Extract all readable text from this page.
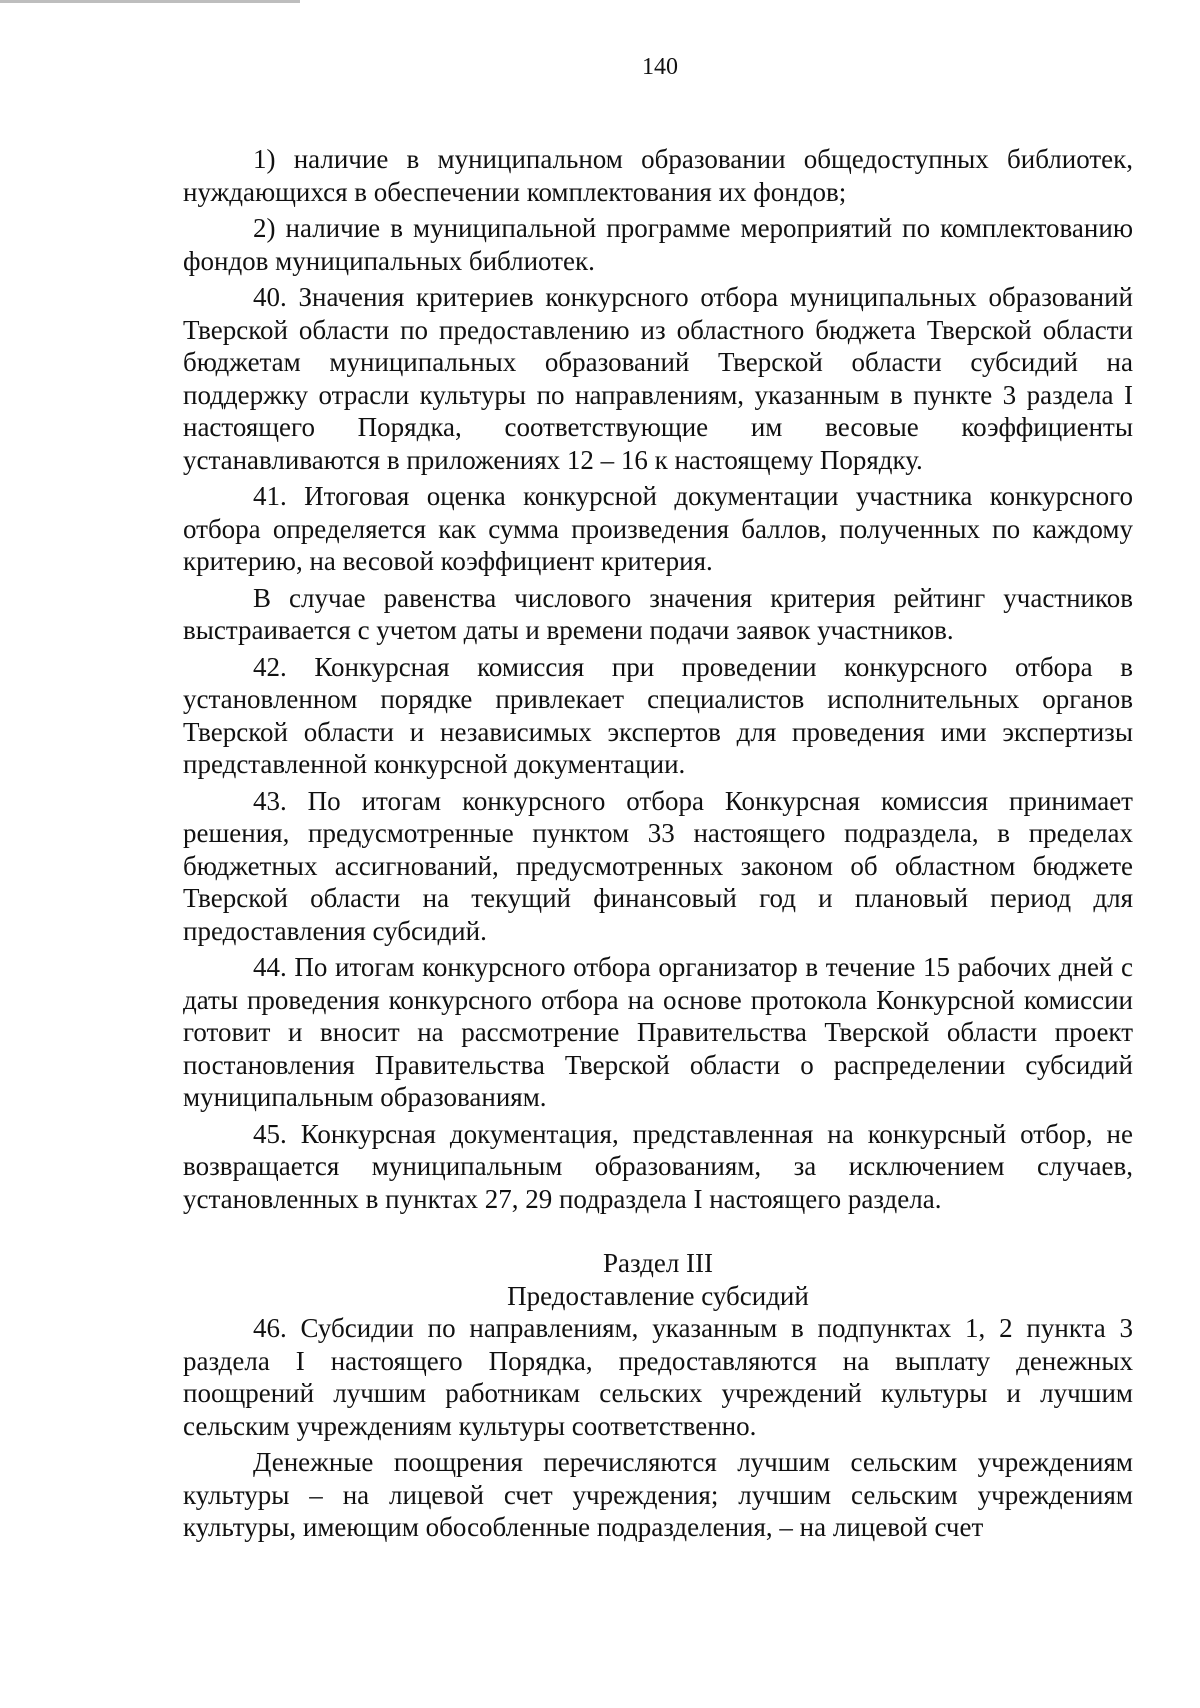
140

1) наличие в муниципальном образовании общедоступных библиотек, нуждающихся в обеспечении комплектования их фондов;

2) наличие в муниципальной программе мероприятий по комплектованию фондов муниципальных библиотек.

40. Значения критериев конкурсного отбора муниципальных образований Тверской области по предоставлению из областного бюджета Тверской области бюджетам муниципальных образований Тверской области субсидий на поддержку отрасли культуры по направлениям, указанным в пункте 3 раздела I настоящего Порядка, соответствующие им весовые коэффициенты устанавливаются в приложениях 12 – 16 к настоящему Порядку.

41. Итоговая оценка конкурсной документации участника конкурсного отбора определяется как сумма произведения баллов, полученных по каждому критерию, на весовой коэффициент критерия.

В случае равенства числового значения критерия рейтинг участников выстраивается с учетом даты и времени подачи заявок участников.

42. Конкурсная комиссия при проведении конкурсного отбора в установленном порядке привлекает специалистов исполнительных органов Тверской области и независимых экспертов для проведения ими экспертизы представленной конкурсной документации.

43. По итогам конкурсного отбора Конкурсная комиссия принимает решения, предусмотренные пунктом 33 настоящего подраздела, в пределах бюджетных ассигнований, предусмотренных законом об областном бюджете Тверской области на текущий финансовый год и плановый период для предоставления субсидий.

44. По итогам конкурсного отбора организатор в течение 15 рабочих дней с даты проведения конкурсного отбора на основе протокола Конкурсной комиссии готовит и вносит на рассмотрение Правительства Тверской области проект постановления Правительства Тверской области о распределении субсидий муниципальным образованиям.

45. Конкурсная документация, представленная на конкурсный отбор, не возвращается муниципальным образованиям, за исключением случаев, установленных в пунктах 27, 29 подраздела I настоящего раздела.

Раздел III

Предоставление субсидий

46. Субсидии по направлениям, указанным в подпунктах 1, 2 пункта 3 раздела I настоящего Порядка, предоставляются на выплату денежных поощрений лучшим работникам сельских учреждений культуры и лучшим сельским учреждениям культуры соответственно.

Денежные поощрения перечисляются лучшим сельским учреждениям культуры – на лицевой счет учреждения; лучшим сельским учреждениям культуры, имеющим обособленные подразделения, – на лицевой счет
